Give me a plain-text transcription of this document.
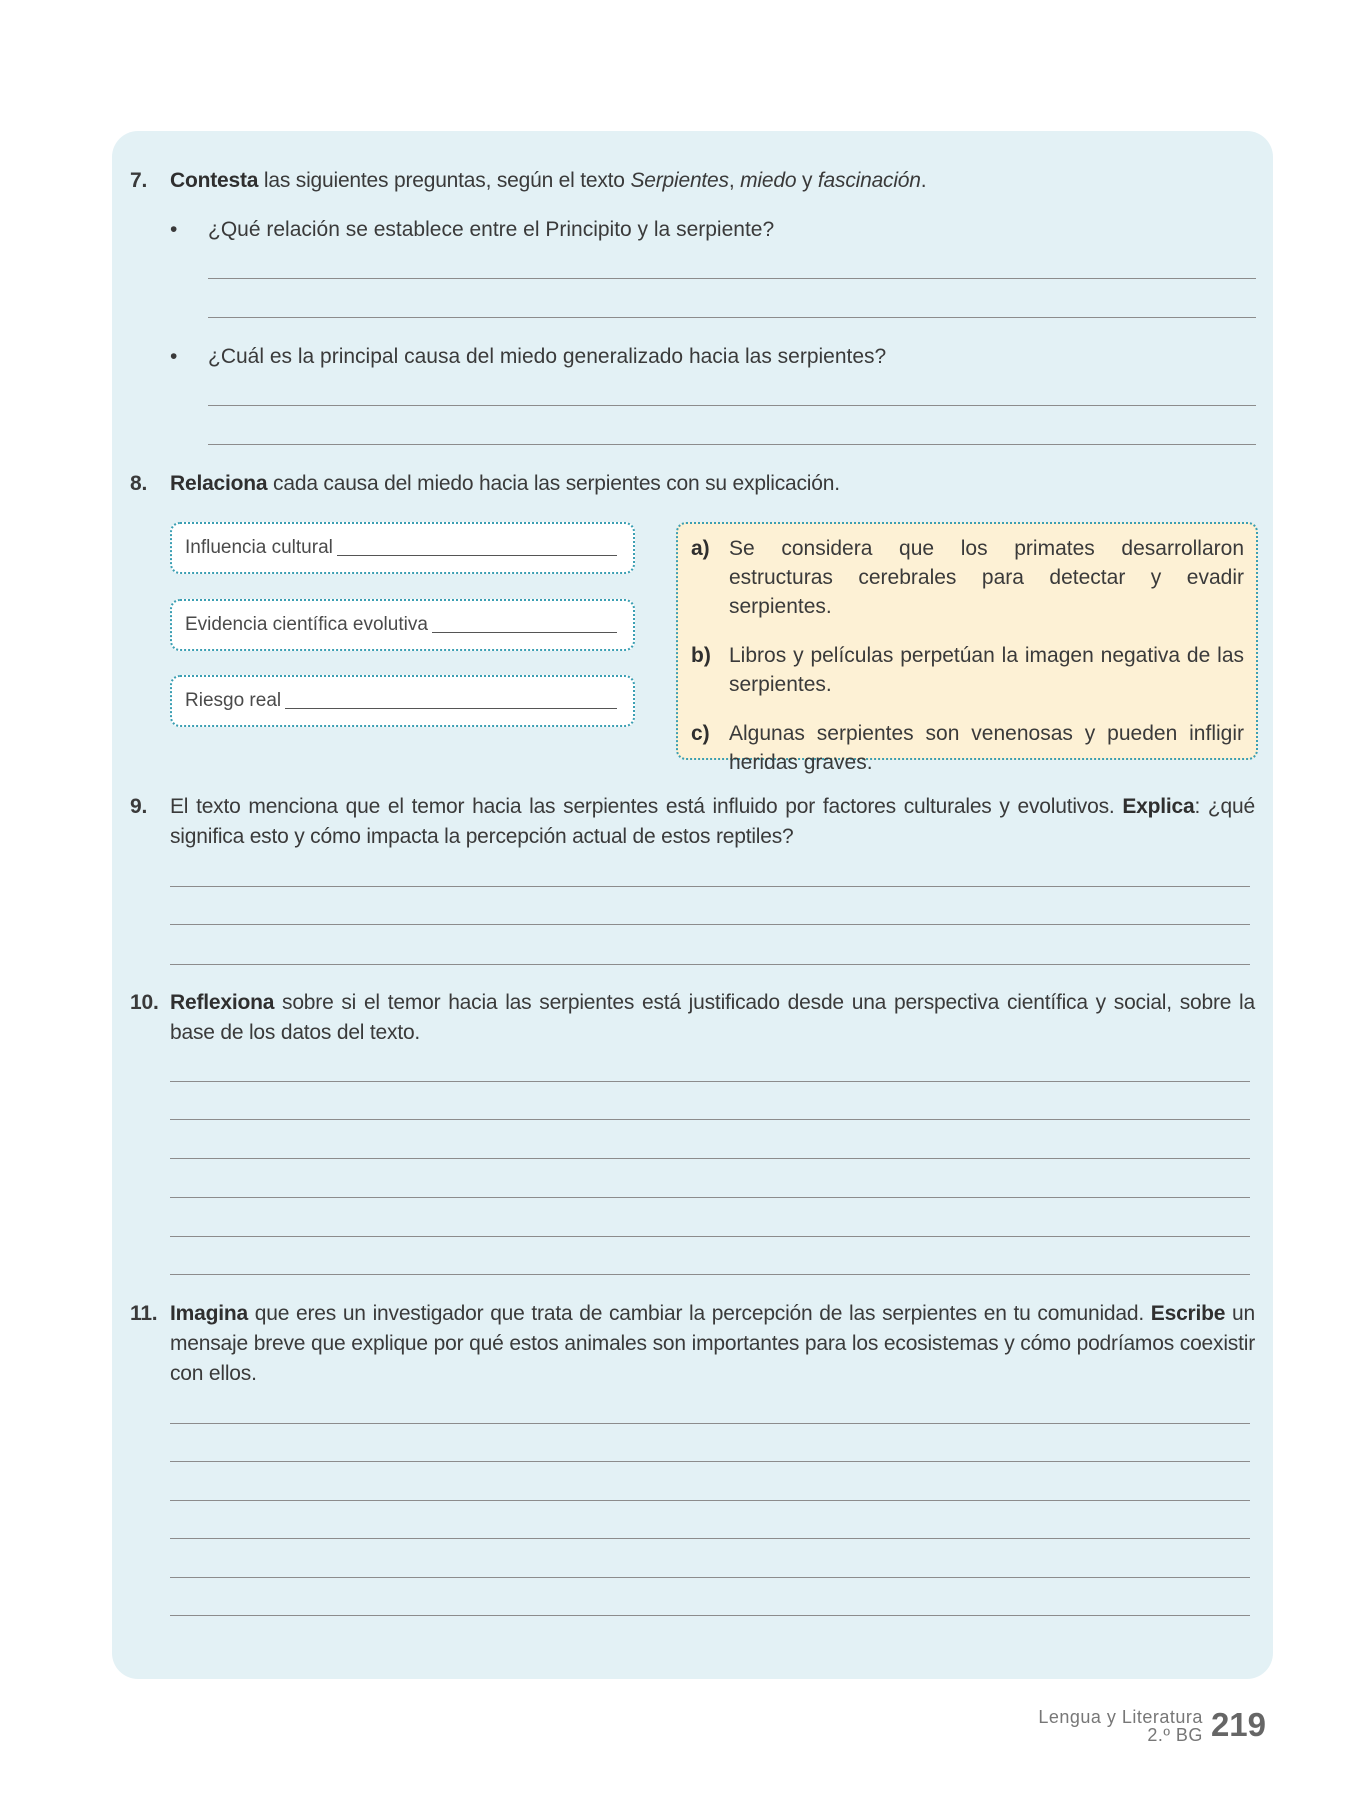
7. Contesta las siguientes preguntas, según el texto Serpientes, miedo y fascinación.
• ¿Qué relación se establece entre el Principito y la serpiente?
• ¿Cuál es la principal causa del miedo generalizado hacia las serpientes?
8. Relaciona cada causa del miedo hacia las serpientes con su explicación.
Influencia cultural
Evidencia científica evolutiva
Riesgo real
a) Se considera que los primates desarrollaron estructuras cerebrales para detectar y evadir serpientes.
b) Libros y películas perpetúan la imagen negativa de las serpientes.
c) Algunas serpientes son venenosas y pueden infligir heridas graves.
9. El texto menciona que el temor hacia las serpientes está influido por factores culturales y evolutivos. Explica: ¿qué significa esto y cómo impacta la percepción actual de estos reptiles?
10. Reflexiona sobre si el temor hacia las serpientes está justificado desde una perspectiva científica y social, sobre la base de los datos del texto.
11. Imagina que eres un investigador que trata de cambiar la percepción de las serpientes en tu comunidad. Escribe un mensaje breve que explique por qué estos animales son importantes para los ecosistemas y cómo podríamos coexistir con ellos.
Lengua y Literatura
2.º BG 219
